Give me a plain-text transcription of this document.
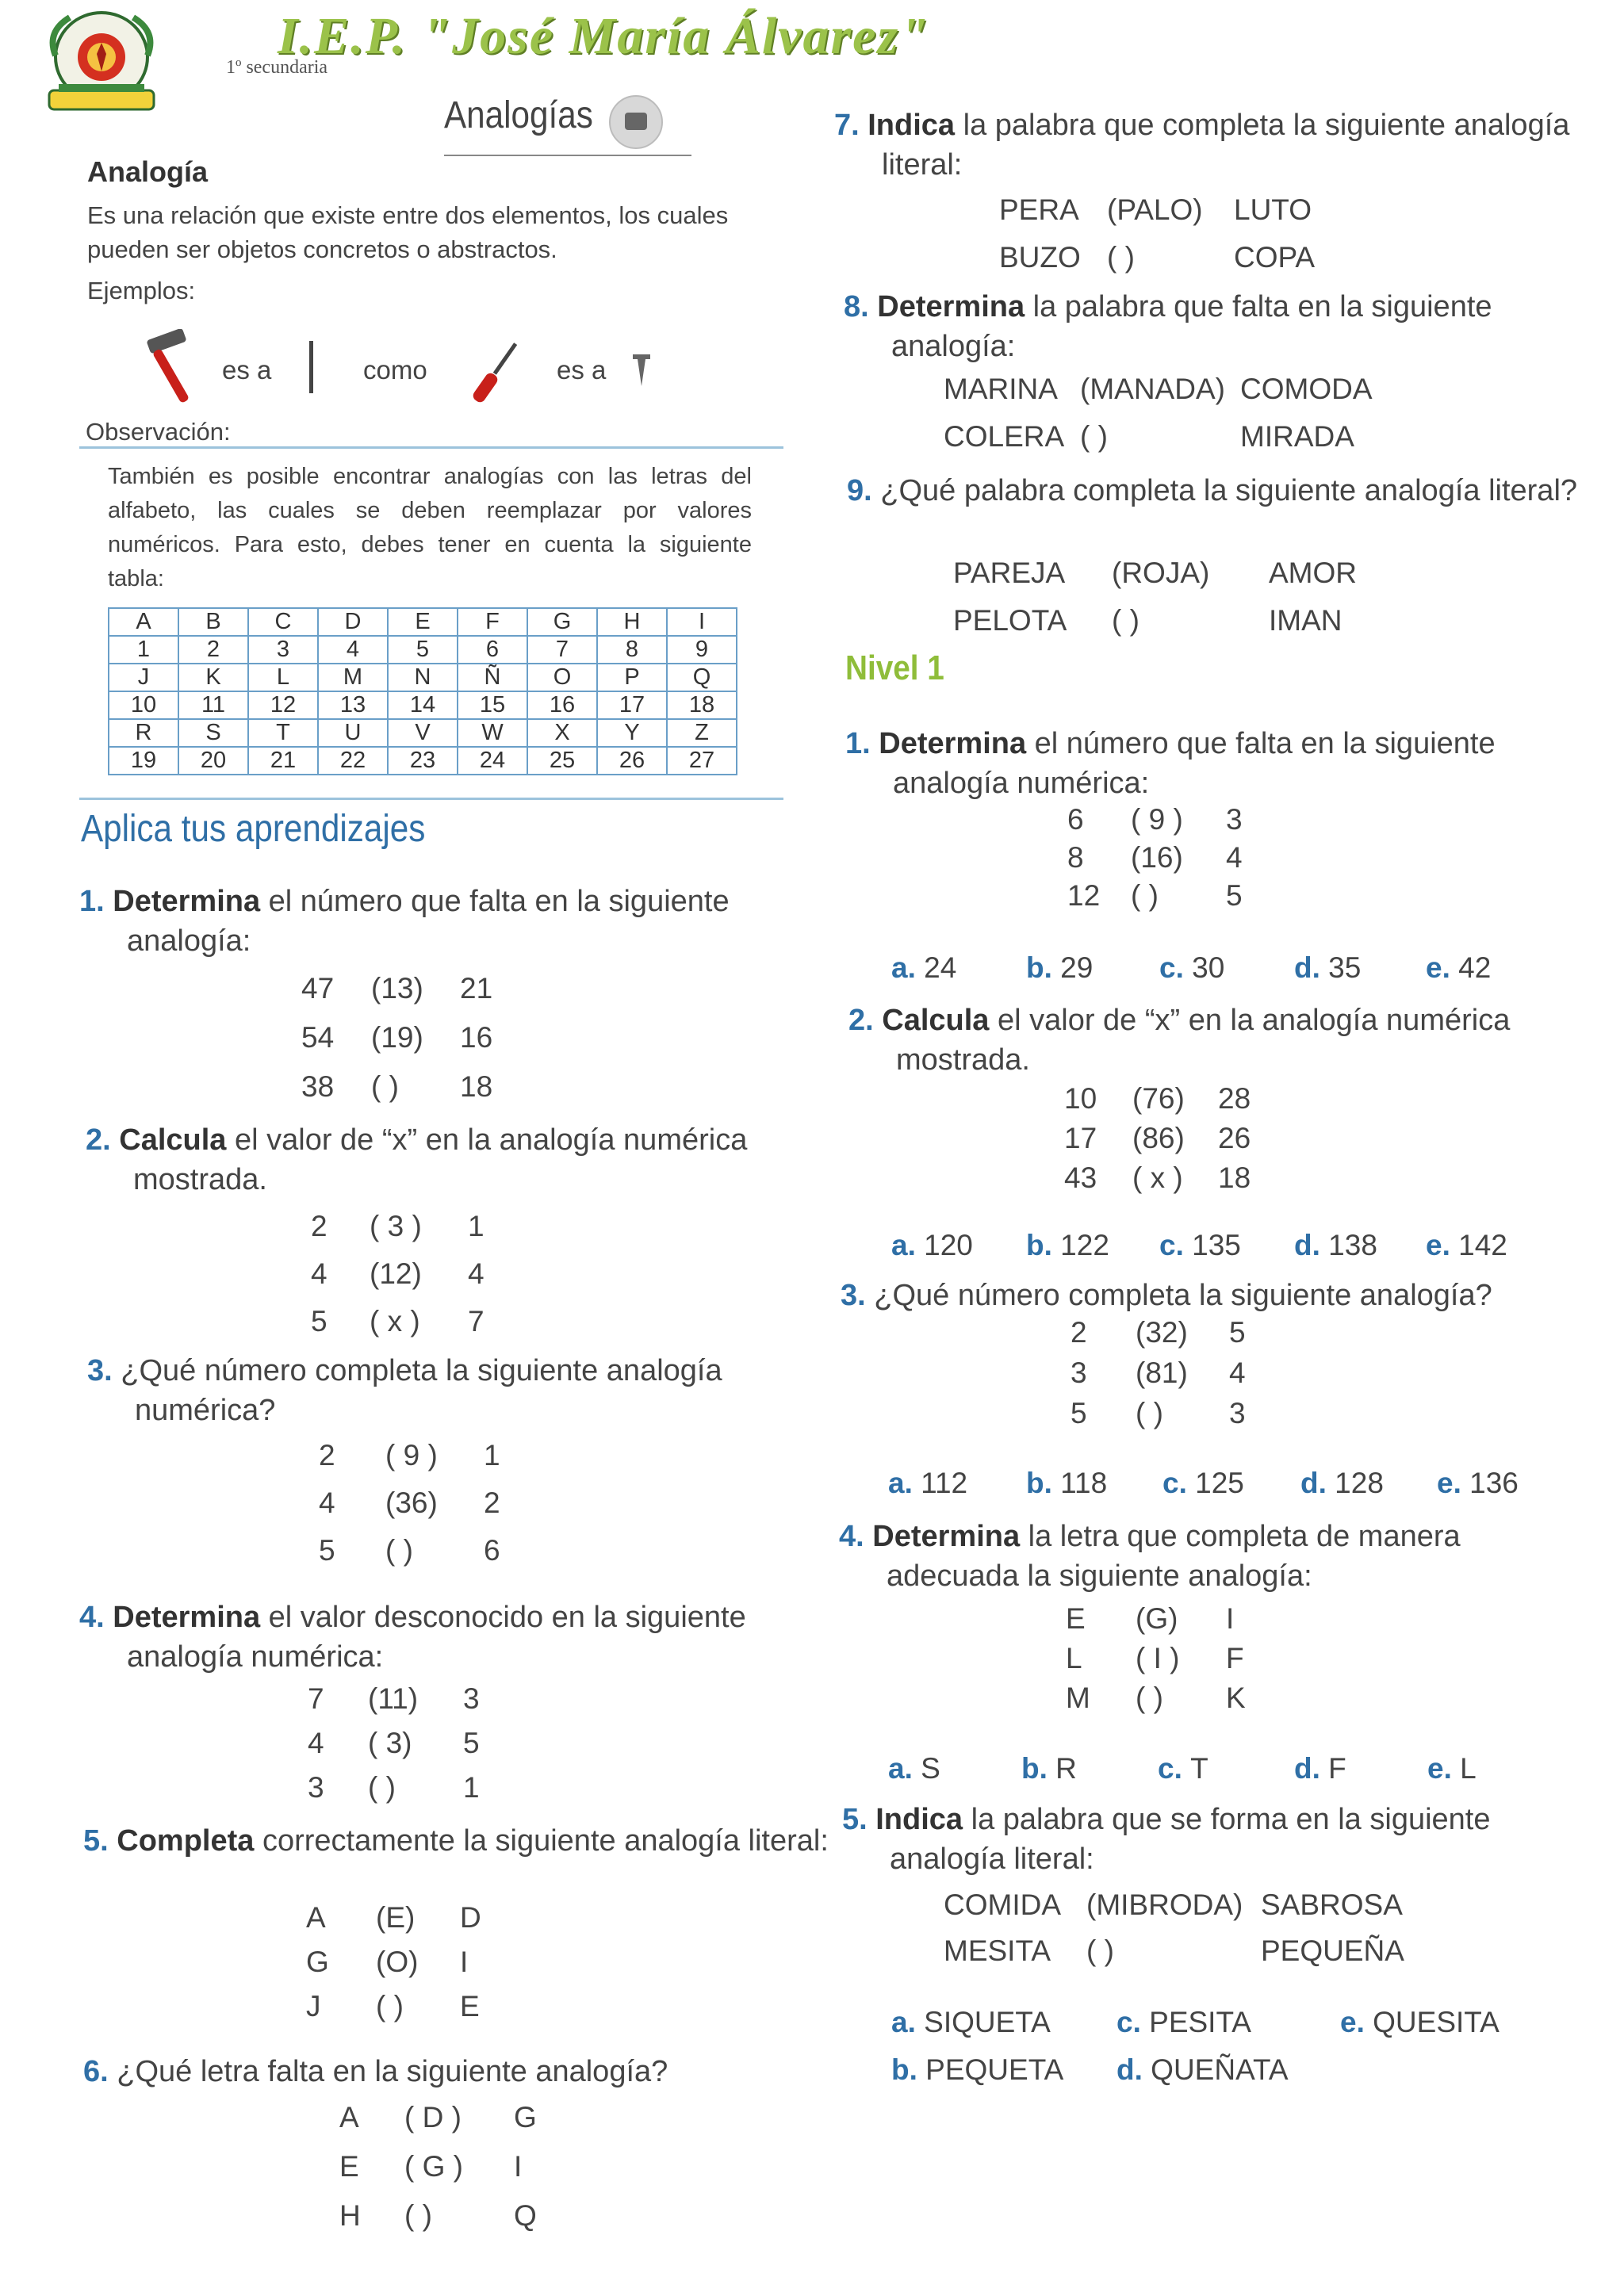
I.E.P. "José María Álvarez"
1º secundaria
Analogías
Analogía
Es una relación que existe entre dos elementos, los cuales pueden ser objetos concretos o abstractos.
Ejemplos:
es a	como	es a
Observación:
También es posible encontrar analogías con las letras del alfabeto, las cuales se deben reemplazar por valores numéricos. Para esto, debes tener en cuenta la siguiente tabla:
A	B	C	D	E	F	G	H	I
1	2	3	4	5	6	7	8	9
J	K	L	M	N	Ñ	O	P	Q
10	11	12	13	14	15	16	17	18
R	S	T	U	V	W	X	Y	Z
19	20	21	22	23	24	25	26	27
Aplica tus aprendizajes
1. Determina el número que falta en la siguiente analogía:
47 (13) 21
54 (19) 16
38 ( ) 18
2. Calcula el valor de “x” en la analogía numérica mostrada.
2 ( 3 ) 1
4 (12) 4
5 ( x ) 7
3. ¿Qué número completa la siguiente analogía numérica?
2 ( 9 ) 1
4 (36) 2
5 ( ) 6
4. Determina el valor desconocido en la siguiente analogía numérica:
7 (11) 3
4 ( 3) 5
3 ( ) 1
5. Completa correctamente la siguiente analogía literal:
A (E) D
G (O) I
J ( ) E
6. ¿Qué letra falta en la siguiente analogía?
A ( D ) G
E ( G ) I
H ( )	Q
7. Indica la palabra que completa la siguiente analogía literal:
PERA (PALO) LUTO
BUZO ( )	COPA
8. Determina la palabra que falta en la siguiente analogía:
MARINA (MANADA) COMODA
COLERA ( )	MIRADA
9. ¿Qué palabra completa la siguiente analogía literal?
PAREJA (ROJA) AMOR
PELOTA ( )	IMAN
Nivel 1
1. Determina el número que falta en la siguiente analogía numérica:
6 ( 9 ) 3
8 (16) 4
12 ( ) 5
a. 24 b. 29 c. 30 d. 35 e. 42
2. Calcula el valor de “x” en la analogía numérica mostrada.
10 (76) 28
17 (86) 26
43 ( x ) 18
a. 120 b. 122 c. 135 d. 138 e. 142
3. ¿Qué número completa la siguiente analogía?
2 (32) 5
3 (81) 4
5 ( ) 3
a. 112 b. 118 c. 125 d. 128 e. 136
4. Determina la letra que completa de manera adecuada la siguiente analogía:
E (G) I
L ( I ) F
M ( ) K
a. S	b. R	c. T	d. F	e. L
5. Indica la palabra que se forma en la siguiente analogía literal:
COMIDA (MIBRODA) SABROSA
MESITA ( )	PEQUEÑA
a. SIQUETA c. PESITA	e. QUESITA
b. PEQUETA d. QUEÑATA
